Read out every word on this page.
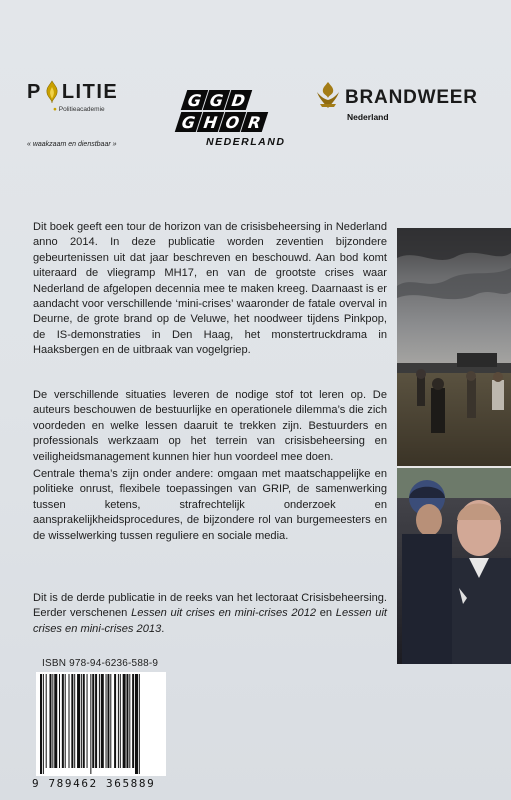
P LITIE
● Politieacademie
« waakzaam en dienstbaar »
G G D
G H O R
NEDERLAND
BRANDWEER
Nederland

Dit boek geeft een tour de horizon van de crisisbeheersing in Nederland anno 2014. In deze publicatie worden zeventien bijzondere gebeurtenissen uit dat jaar beschreven en beschouwd. Aan bod komt uiteraard de vliegramp MH17, en van de grootste crises waar Nederland de afgelopen decennia mee te maken kreeg. Daarnaast is er aandacht voor verschillende ‘mini-crises’ waaronder de fatale overval in Deurne, de grote brand op de Veluwe, het noodweer tijdens Pinkpop, de IS-demonstraties in Den Haag, het monstertruckdrama in Haaksbergen en de uitbraak van vogelgriep.

De verschillende situaties leveren de nodige stof tot leren op. De auteurs beschouwen de bestuurlijke en operationele dilemma’s die zich voordeden en welke lessen daaruit te trekken zijn. Bestuurders en professionals werkzaam op het terrein van crisisbeheersing en veiligheidsmanagement kunnen hier hun voordeel mee doen.

Centrale thema’s zijn onder andere: omgaan met maatschappelijke en politieke onrust, flexibele toepassingen van GRIP, de samenwerking tussen ketens, strafrechtelijk onderzoek en aansprakelijkheidsprocedures, de bijzondere rol van burgemeesters en de wisselwerking tussen reguliere en sociale media.

Dit is de derde publicatie in de reeks van het lectoraat Crisisbeheersing. Eerder verschenen Lessen uit crises en mini-crises 2012 en Lessen uit crises en mini-crises 2013.

ISBN 978-94-6236-588-9
9 789462 365889
